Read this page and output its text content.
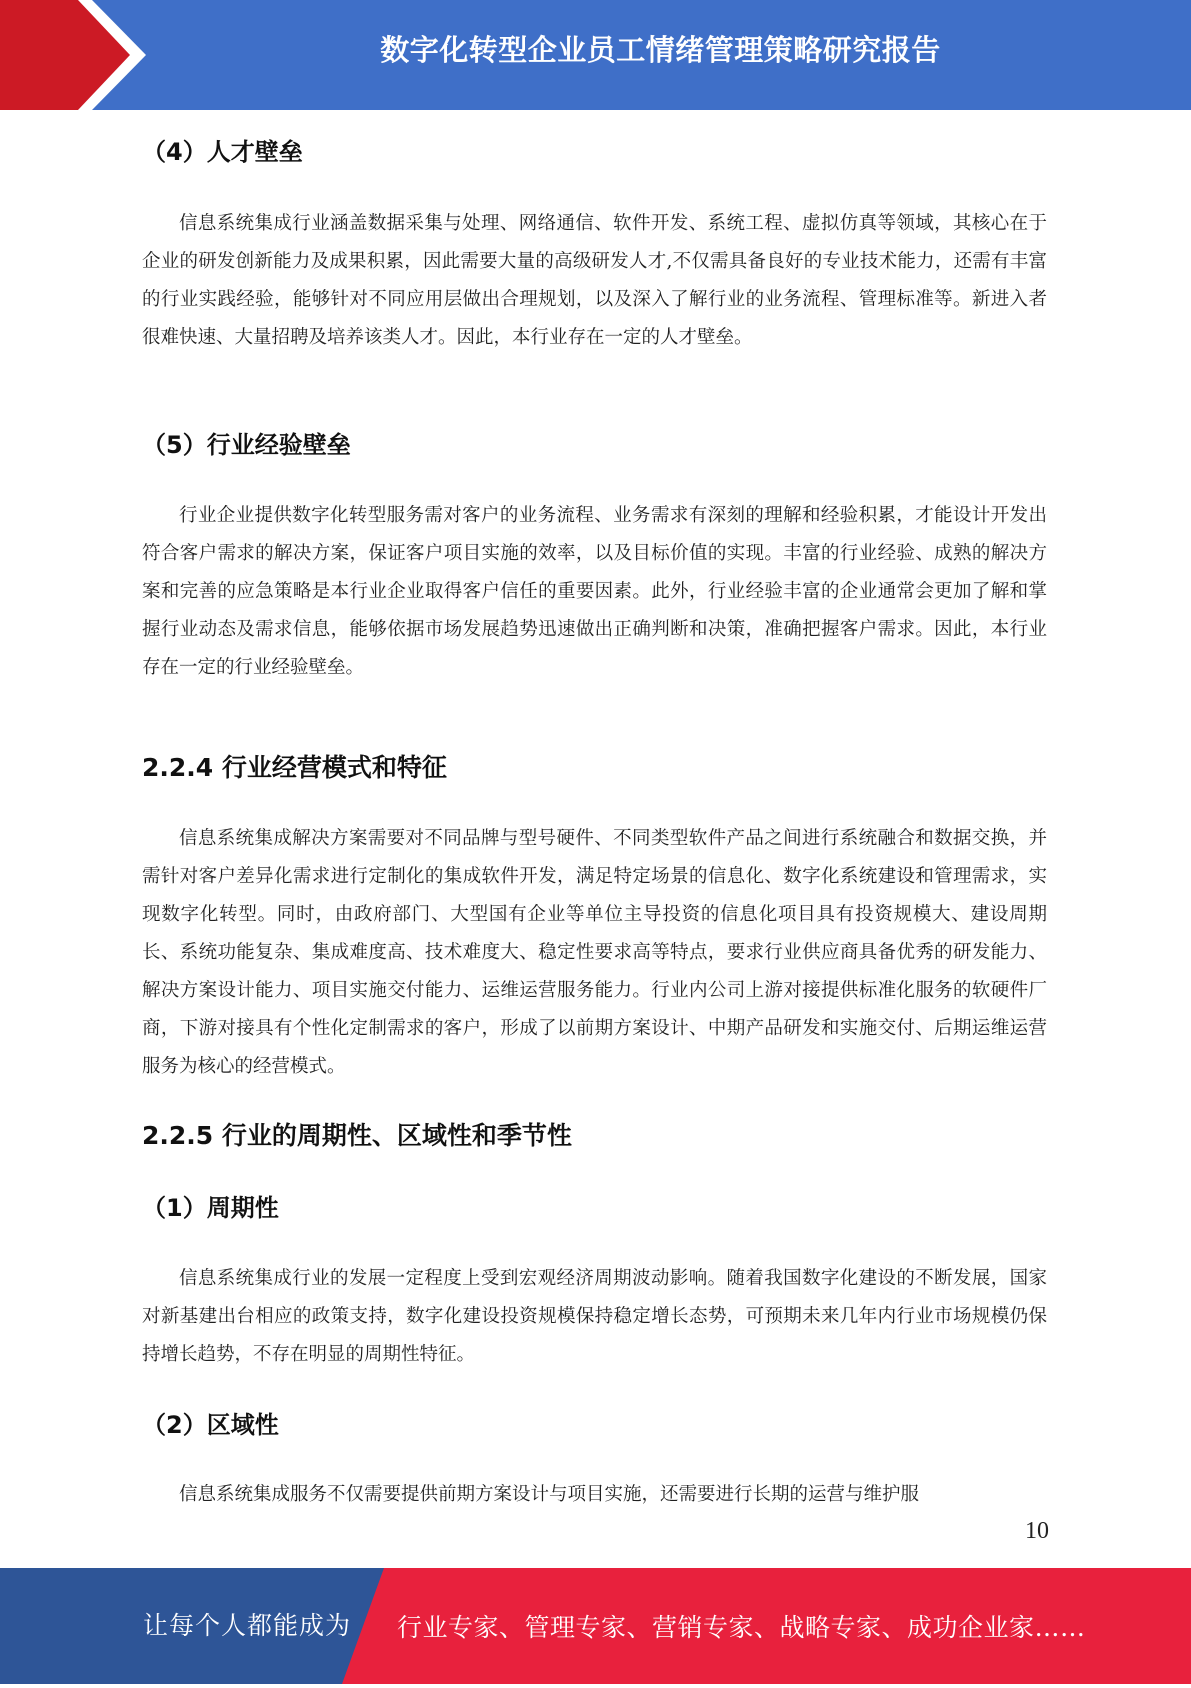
数字化转型企业员工情绪管理策略研究报告
（4）人才壁垒

信息系统集成行业涵盖数据采集与处理、网络通信、软件开发、系统工程、虚拟仿真等领域，其核心在于企业的研发创新能力及成果积累，因此需要大量的高级研发人才,不仅需具备良好的专业技术能力，还需有丰富的行业实践经验，能够针对不同应用层做出合理规划，以及深入了解行业的业务流程、管理标准等。新进入者很难快速、大量招聘及培养该类人才。因此，本行业存在一定的人才壁垒。

（5）行业经验壁垒

行业企业提供数字化转型服务需对客户的业务流程、业务需求有深刻的理解和经验积累，才能设计开发出符合客户需求的解决方案，保证客户项目实施的效率，以及目标价值的实现。丰富的行业经验、成熟的解决方案和完善的应急策略是本行业企业取得客户信任的重要因素。此外，行业经验丰富的企业通常会更加了解和掌握行业动态及需求信息，能够依据市场发展趋势迅速做出正确判断和决策，准确把握客户需求。因此，本行业存在一定的行业经验壁垒。

2.2.4 行业经营模式和特征

信息系统集成解决方案需要对不同品牌与型号硬件、不同类型软件产品之间进行系统融合和数据交换，并需针对客户差异化需求进行定制化的集成软件开发，满足特定场景的信息化、数字化系统建设和管理需求，实现数字化转型。同时，由政府部门、大型国有企业等单位主导投资的信息化项目具有投资规模大、建设周期长、系统功能复杂、集成难度高、技术难度大、稳定性要求高等特点，要求行业供应商具备优秀的研发能力、解决方案设计能力、项目实施交付能力、运维运营服务能力。行业内公司上游对接提供标准化服务的软硬件厂商，下游对接具有个性化定制需求的客户，形成了以前期方案设计、中期产品研发和实施交付、后期运维运营服务为核心的经营模式。

2.2.5 行业的周期性、区域性和季节性
（1）周期性

信息系统集成行业的发展一定程度上受到宏观经济周期波动影响。随着我国数字化建设的不断发展，国家对新基建出台相应的政策支持，数字化建设投资规模保持稳定增长态势，可预期未来几年内行业市场规模仍保持增长趋势，不存在明显的周期性特征。

（2）区域性

信息系统集成服务不仅需要提供前期方案设计与项目实施，还需要进行长期的运营与维护服

10
让每个人都能成为 行业专家、管理专家、营销专家、战略专家、成功企业家……
